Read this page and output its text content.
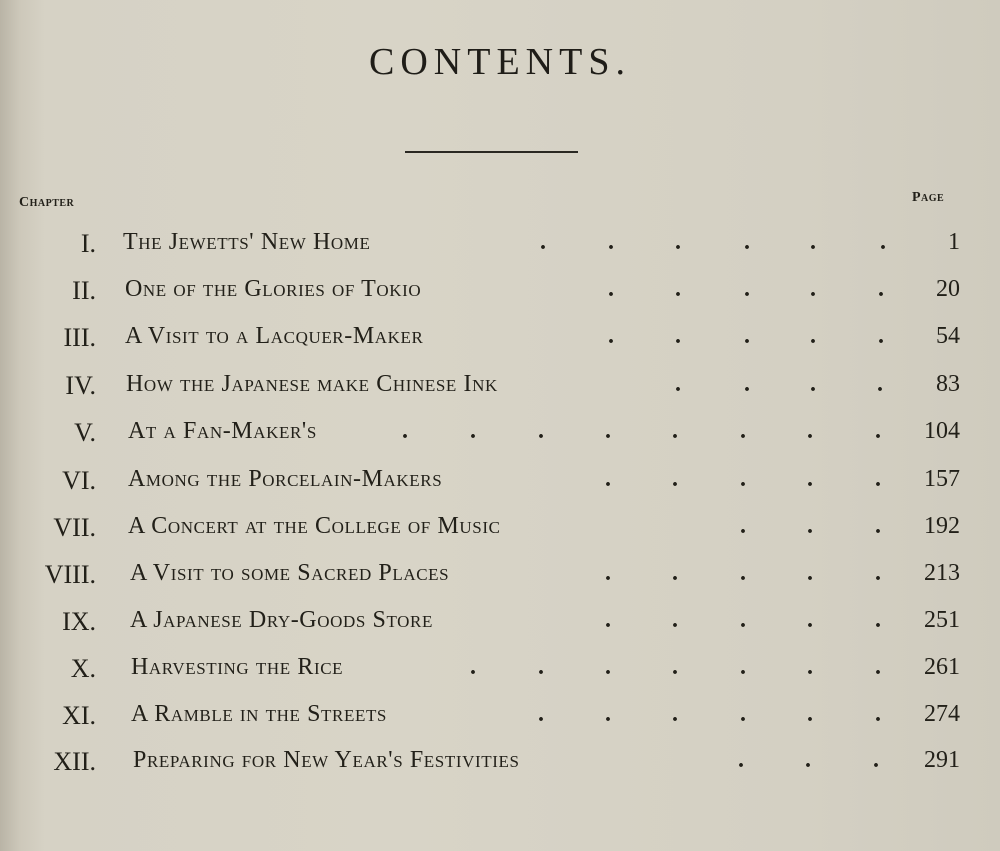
CONTENTS.
Chapter	Page
I. The Jewetts' New Home	.	.	.	.	.	.	1
II. One of the Glories of Tokio	.	.	.	.	. 20
III. A Visit to a Lacquer-Maker	.	.	.	.	. 54
IV. How the Japanese make Chinese Ink	.	.	.	. 83
V. At a Fan-Maker's	.	.	.	.	.	.	.	. 104
VI. Among the Porcelain-Makers	.	.	.	.	. 157
VII. A Concert at the College of Music	.	.	. 192
VIII. A Visit to some Sacred Places	.	.	.	.	. 213
IX. A Japanese Dry-Goods Store	.	.	.	.	. 251
X. Harvesting the Rice	.	.	.	.	.	.	. 261
XI. A Ramble in the Streets	.	.	.	.	.	. 274
XII. Preparing for New Year's Festivities	.	.	. 291
